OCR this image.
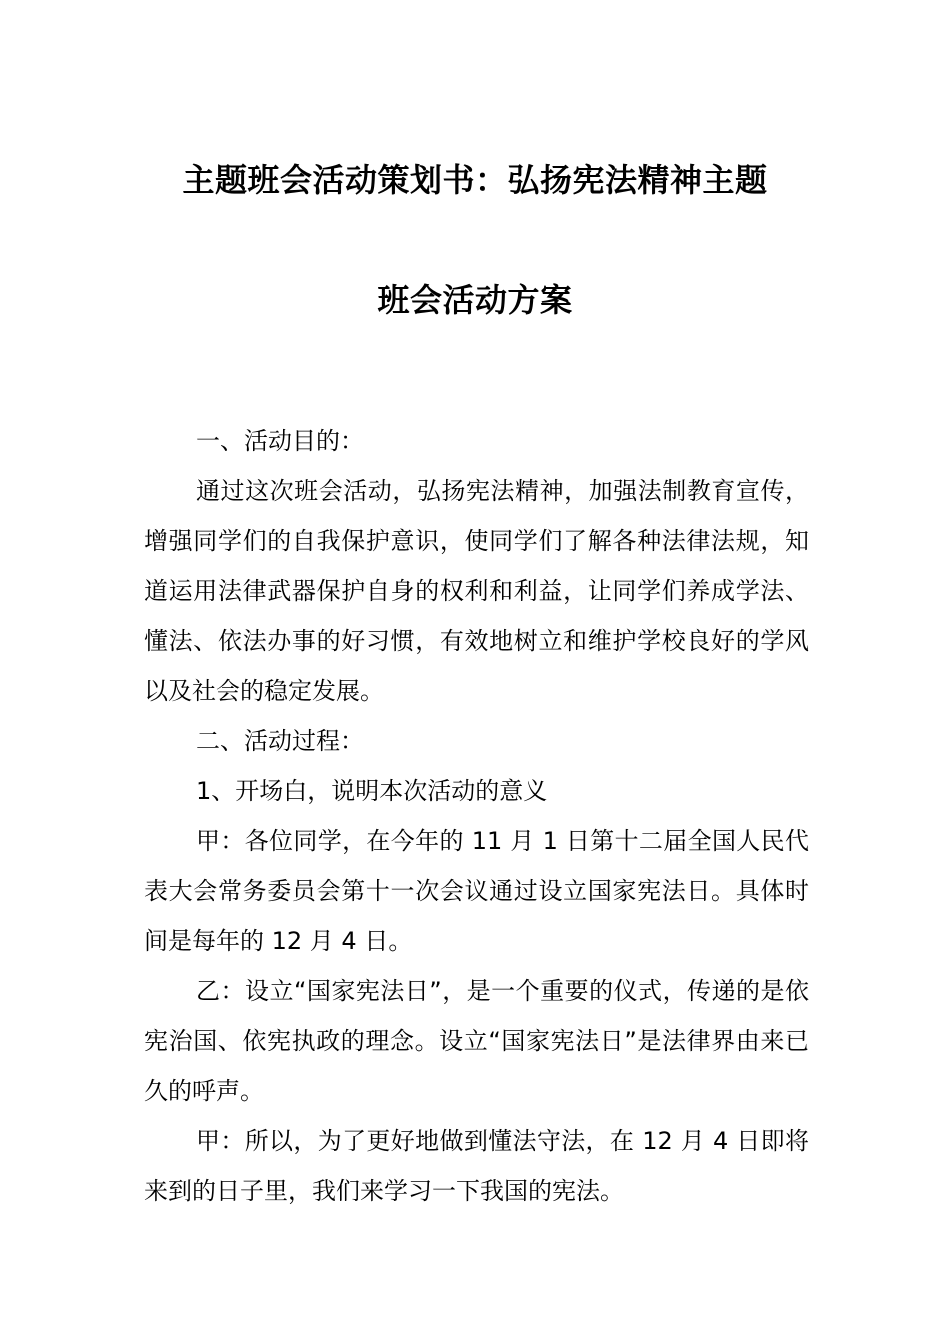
主题班会活动策划书：弘扬宪法精神主题
班会活动方案

一、活动目的：

通过这次班会活动，弘扬宪法精神，加强法制教育宣传，增强同学们的自我保护意识，使同学们了解各种法律法规，知道运用法律武器保护自身的权利和利益，让同学们养成学法、懂法、依法办事的好习惯，有效地树立和维护学校良好的学风以及社会的稳定发展。

二、活动过程：

1、开场白，说明本次活动的意义

甲：各位同学，在今年的 11 月 1 日第十二届全国人民代表大会常务委员会第十一次会议通过设立国家宪法日。具体时间是每年的 12 月 4 日。

乙：设立“国家宪法日”，是一个重要的仪式，传递的是依宪治国、依宪执政的理念。设立“国家宪法日”是法律界由来已久的呼声。

甲：所以，为了更好地做到懂法守法，在 12 月 4 日即将来到的日子里，我们来学习一下我国的宪法。
